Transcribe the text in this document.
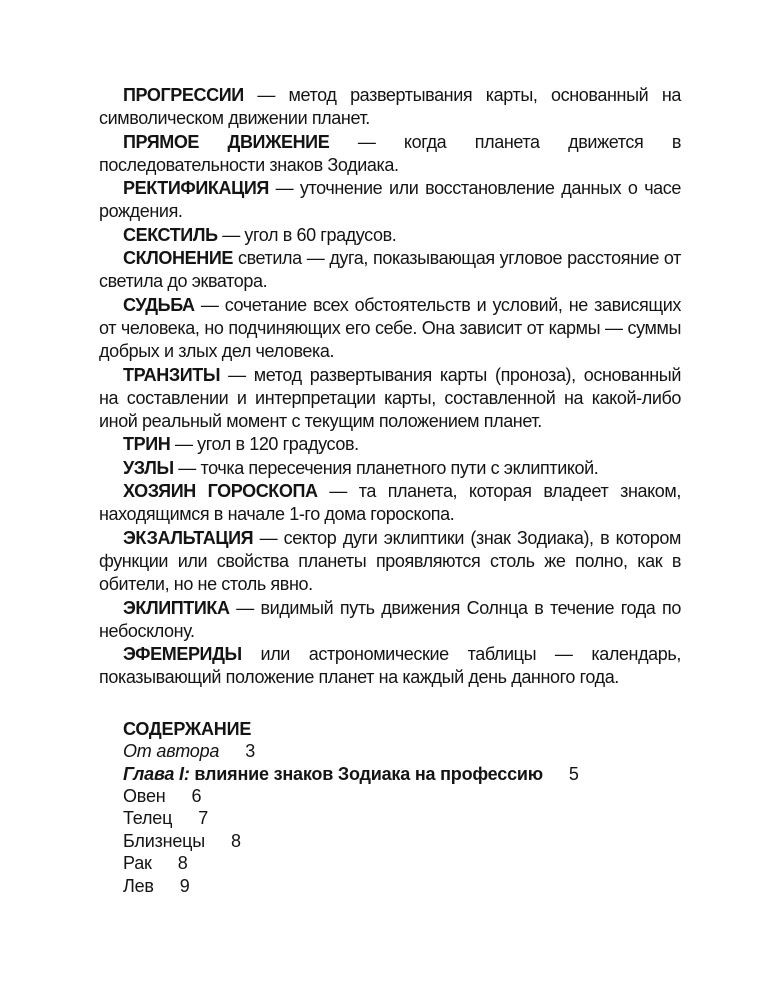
ПРОГРЕССИИ — метод развертывания карты, основанный на символическом движении планет.

ПРЯМОЕ ДВИЖЕНИЕ — когда планета движется в последовательности знаков Зодиака.

РЕКТИФИКАЦИЯ — уточнение или восстановление данных о часе рождения.

СЕКСТИЛЬ — угол в 60 градусов.

СКЛОНЕНИЕ светила — дуга, показывающая угловое расстояние от светила до экватора.

СУДЬБА — сочетание всех обстоятельств и условий, не зависящих от человека, но подчиняющих его себе. Она зависит от кармы — суммы добрых и злых дел человека.

ТРАНЗИТЫ — метод развертывания карты (проноза), основанный на составлении и интерпретации карты, составленной на какой-либо иной реальный момент с текущим положением планет.

ТРИН — угол в 120 градусов.

УЗЛЫ — точка пересечения планетного пути с эклиптикой.

ХОЗЯИН ГОРОСКОПА — та планета, которая владеет знаком, находящимся в начале 1-го дома гороскопа.

ЭКЗАЛЬТАЦИЯ — сектор дуги эклиптики (знак Зодиака), в котором функции или свойства планеты проявляются столь же полно, как в обители, но не столь явно.

ЭКЛИПТИКА — видимый путь движения Солнца в течение года по небосклону.

ЭФЕМЕРИДЫ или астрономические таблицы — календарь, показывающий положение планет на каждый день данного года.

СОДЕРЖАНИЕ

От автора 3
Глава I: влияние знаков Зодиака на профессию 5
Овен 6
Телец 7
Близнецы 8
Рак 8
Лев 9
